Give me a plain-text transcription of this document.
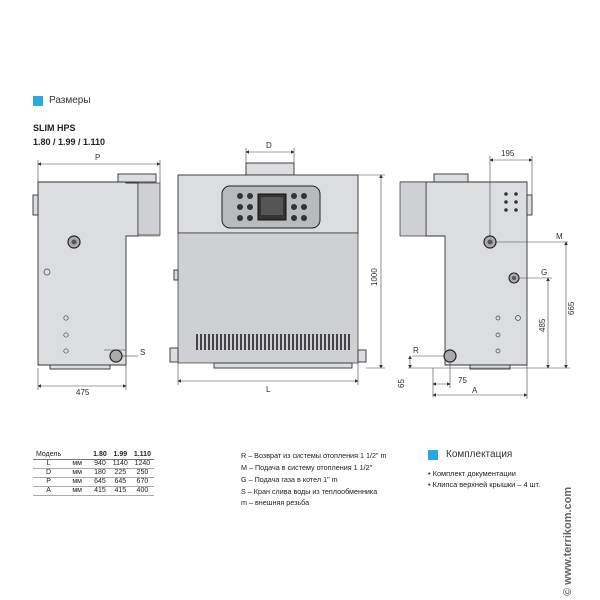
Размеры
SLIM HPS
1.80 / 1.99 / 1.110
P
475
S
D
L
1000
195
M
G
665
485
R
65	75
A
Модель		1.80	1.99	1.110
L	мм	940	1140	1240
D	мм	180	225	250
P	мм	645	645	670
A	мм	415	415	400
R – Возврат из системы отопления 1 1/2" m
M – Подача в систему отопления 1 1/2"
G – Подача газа в котел 1" m
S – Кран слива воды из теплообменника
m – внешняя резьба
Комплектация
• Комплект документации
• Клипса верхней крышки – 4 шт.
© www.terrikom.com
